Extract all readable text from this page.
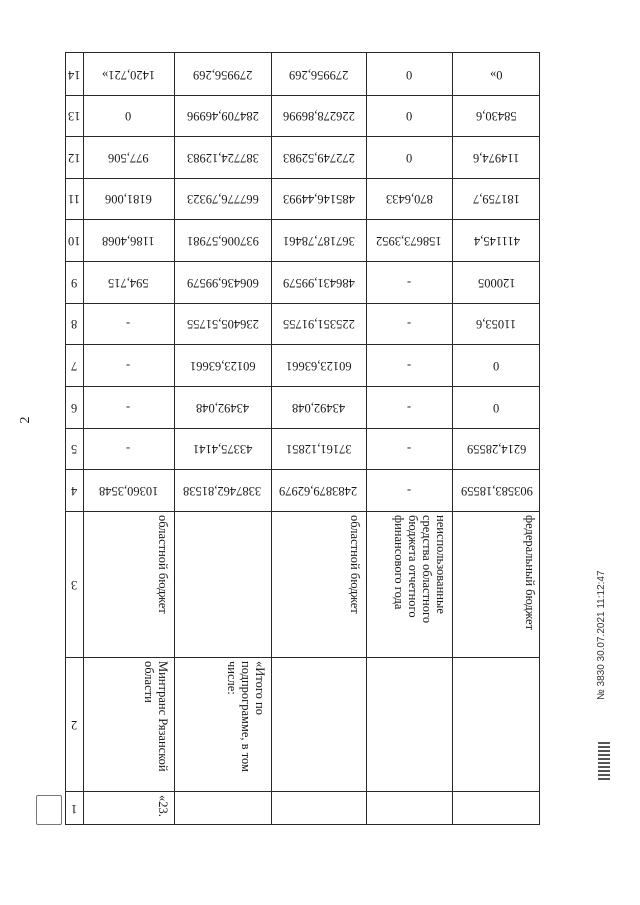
2
14
13
12
11
10
9
8
7
6
5
4
3
2
1
1420,721»
0
977,506
6181,006
1186,4068
594,715
-
-
-
-
10360,3548
областной бюджет
Минтранс Рязанской области
«23.
279956,269
284709,46996
387724,12983
667776,79323
937006,57981
606436,99579
236405,51755
60123,63661
43492,048
43375,4141
3387462,81538
«Итого по подпрограмме, в том числе:
279956,269
226278,86996
272749,52983
485146,44993
367187,78461
486431,99579
225351,91755
60123,63661
43492,048
37161,12851
2483879,62979
областной бюджет
0
0
0
870,6433
158673,3952
-
-
-
-
-
-
неиспользованные средства областного бюджета отчетного финансового года
0»
58430,6
114974,6
181759,7
411145,4
120005
11053,6
0
0
6214,28559
903583,18559
федеральный бюджет	№ 3830 30.07.2021 11:12:47
